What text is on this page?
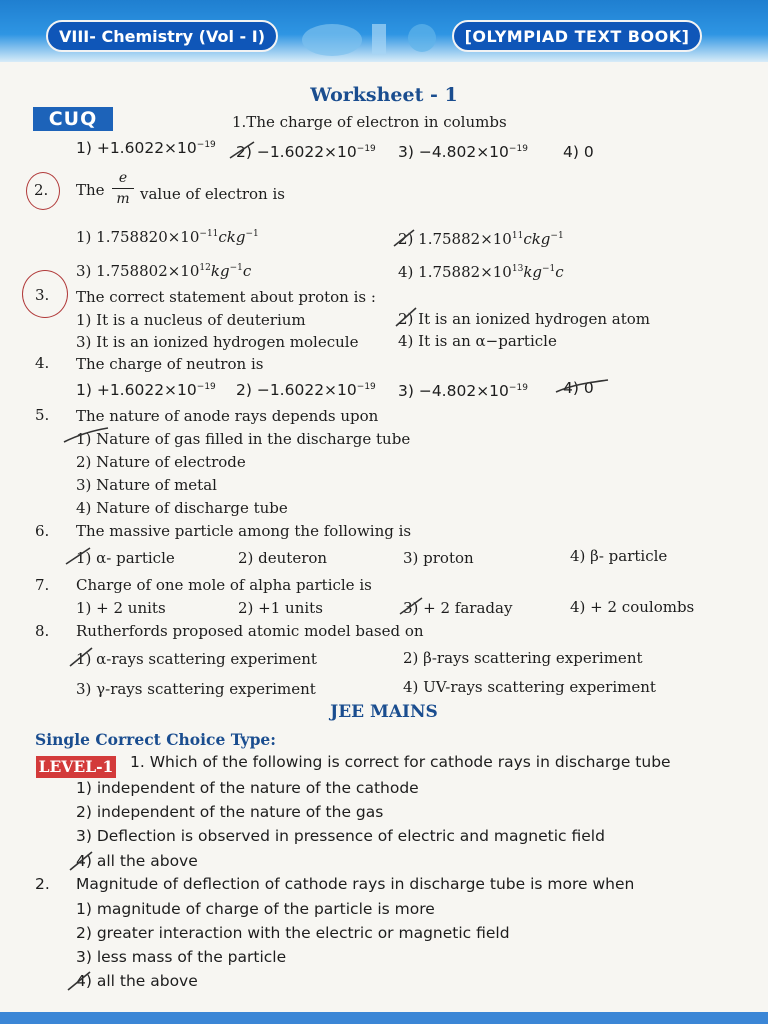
VIII- Chemistry (Vol - I)	[OLYMPIAD TEXT BOOK]
Worksheet - 1
CUQ	1.The charge of electron in columbs
$1) +1.6022\times 10^{-19}$ $2) -1.6022\times 10^{-19}$ $3) -4.802\times 10^{-19}$ 4) 0
2. The
e
m value of electron is
1) $1.758820\times 10^{-11}ckg^{-1}$	2) $1.75882\times 10^{11}ckg^{-1}$
3) $1.758802\times 10^{12}kg^{-1}c$	4) $1.75882\times 10^{13}kg^{-1}c$
3. The correct statement about proton is :
1) It is a nucleus of deuterium	2) It is an ionized hydrogen atom
3) It is an ionized hydrogen molecule	4) It is an α−particle
4. The charge of neutron is
$1) +1.6022\times 10^{-19}$ $2) -1.6022\times 10^{-19}$ $3) -4.802\times 10^{-19}$ 4) 0
5. The nature of anode rays depends upon
1) Nature of gas filled in the discharge tube
2) Nature of electrode
3) Nature of metal
4) Nature of discharge tube
6. The massive particle among the following is
1) α- particle	2) deuteron	3) proton	4) β- particle
7. Charge of one mole of alpha particle is
1) + 2 units	2) +1 units	3) + 2 faraday	4) + 2 coulombs
8. Rutherfords proposed atomic model based on
1) α-rays scattering experiment	2) β-rays scattering experiment
3) γ-rays scattering experiment	4) UV-rays scattering experiment
JEE MAINS
Single Correct Choice Type:
LEVEL-1 1. Which of the following is correct for cathode rays in discharge tube
1) independent of the nature of the cathode
2) independent of the nature of the gas
3) Deflection is observed in pressence of electric and magnetic field
4) all the above
2. Magnitude of deflection of cathode rays in discharge tube is more when
1) magnitude of charge of the particle is more
2) greater interaction with the electric or magnetic field
3) less mass of the particle
4) all the above
